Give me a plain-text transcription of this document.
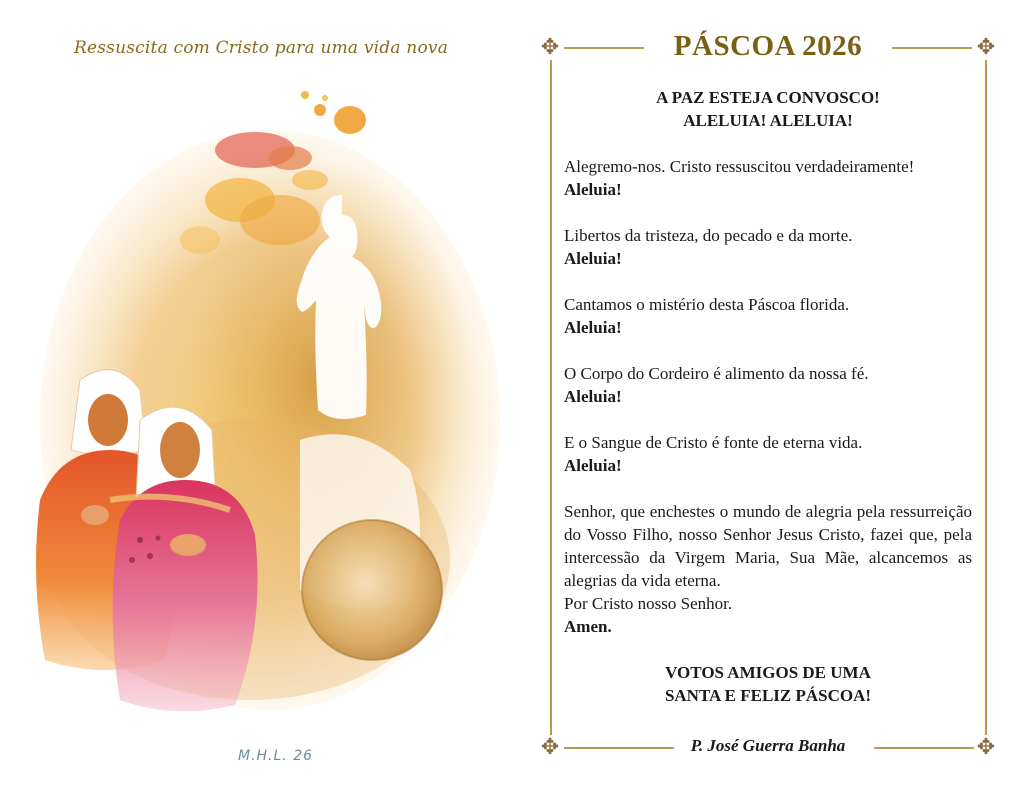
Ressuscita com Cristo para uma vida nova
M.H.L. 26
✥	✥
✥	✥
PÁSCOA 2026
A PAZ ESTEJA CONVOSCO!
ALELUIA! ALELUIA!
Alegremo-nos. Cristo ressuscitou verdadeiramente!
Aleluia!
Libertos da tristeza, do pecado e da morte.
Aleluia!
Cantamos o mistério desta Páscoa florida.
Aleluia!
O Corpo do Cordeiro é alimento da nossa fé.
Aleluia!
E o Sangue de Cristo é fonte de eterna vida.
Aleluia!
Senhor, que enchestes o mundo de alegria pela ressurreição do Vosso Filho, nosso Senhor Jesus Cristo, fazei que, pela intercessão da Virgem Maria, Sua Mãe, alcancemos as alegrias da vida eterna.
Por Cristo nosso Senhor.
Amen.
VOTOS AMIGOS DE UMA
SANTA E FELIZ PÁSCOA!
P. José Guerra Banha
